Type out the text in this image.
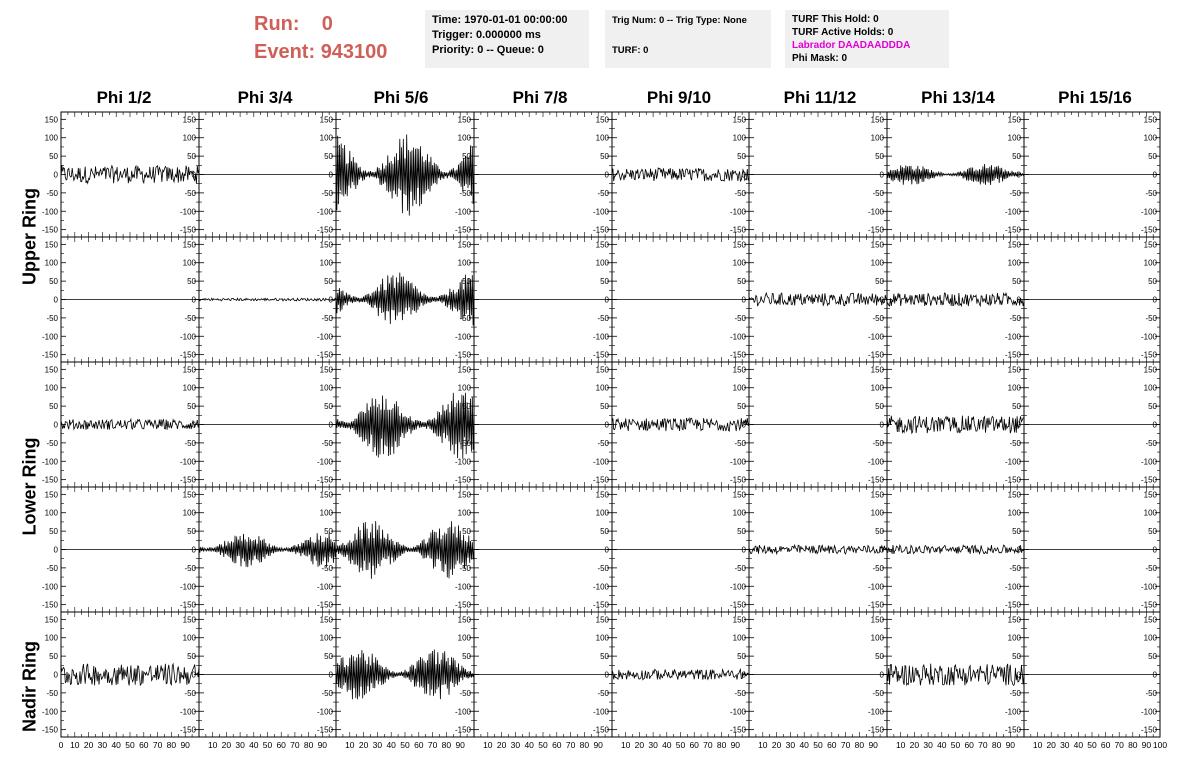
Run: 0
Event: 943100
Time: 1970-01-01 00:00:00
Trigger: 0.000000 ms
Priority: 0 -- Queue: 0
Trig Num: 0 -- Trig Type: None

TURF: 0
TURF This Hold: 0
TURF Active Holds: 0
Labrador DAADAADDDA
Phi Mask: 0
Phi 1/2	Phi 3/4	Phi 5/6	Phi 7/8	Phi 9/10	Phi 11/12	Phi 13/14	Phi 15/16
Upper Ring
Lower Ring
Nadir Ring
-150	-150
-100	-100
-50	-50
0	0
50	50
100	100
150	150
-150
-100
-50
0
50
100
150
-150
-100
-50
0
50
100
150
-150
-100
-50
0
50
100
150
-150
-100
-50
0
50
100
150
-150
-100
-50
0
50
100
150
-150
-100
-50
0
50
100
150
-150
-100
-50
0
50
100
150
-150	-150
-100	-100
-50	-50
0	0
50	50
100	100
150	150
-150
-100
-50
0
50
100
150
-150
-100
-50
0
50
100
150
-150
-100
-50
0
50
100
150
-150
-100
-50
0
50
100
150
-150
-100
-50
0
50
100
150
-150
-100
-50
0
50
100
150
-150
-100
-50
0
50
100
150
-150	-150
-100	-100
-50	-50
0	0
50	50
100	100
150	150
-150
-100
-50
0
50
100
150
-150
-100
-50
0
50
100
150
-150
-100
-50
0
50
100
150
-150
-100
-50
0
50
100
150
-150
-100
-50
0
50
100
150
-150
-100
-50
0
50
100
150
-150
-100
-50
0
50
100
150
-150	-150
-100	-100
-50	-50
0	0
50	50
100	100
150	150
-150
-100
-50
0
50
100
150
-150
-100
-50
0
50
100
150
-150
-100
-50
0
50
100
150
-150
-100
-50
0
50
100
150
-150
-100
-50
0
50
100
150
-150
-100
-50
0
50
100
150
-150
-100
-50
0
50
100
150
-150	-150
-100	-100
-50	-50
0	0
50	50
100	100
150	150
0 10 20 30 40 50 60 70 80 90
-150
-100
-50
0
50
100
150
10 20 30 40 50 60 70 80 90
-150
-100
-50
0
50
100
150
10 20 30 40 50 60 70 80 90
-150
-100
-50
0
50
100
150
10 20 30 40 50 60 70 80 90
-150
-100
-50
0
50
100
150
10 20 30 40 50 60 70 80 90
-150
-100
-50
0
50
100
150
10 20 30 40 50 60 70 80 90
-150
-100
-50
0
50
100
150
10 20 30 40 50 60 70 80 90
-150
-100
-50
0
50
100
150
10 20 30 40 50 60 70 80 90 100
